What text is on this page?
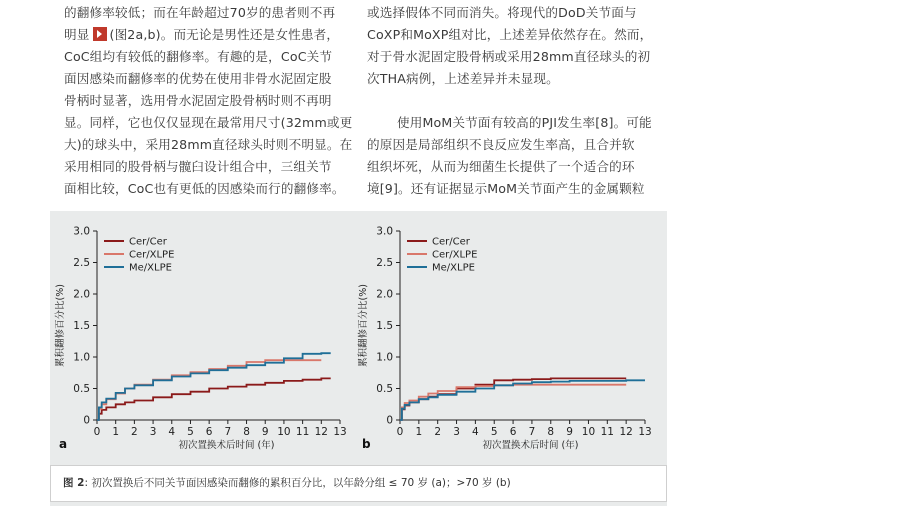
的翻修率较低；而在年龄超过70岁的患者则不再
明显 (图2a,b)。而无论是男性还是女性患者，
CoC组均有较低的翻修率。有趣的是，CoC关节
面因感染而翻修率的优势在使用非骨水泥固定股
骨柄时显著，选用骨水泥固定股骨柄时则不再明
显。同样，它也仅仅显现在最常用尺寸(32mm或更
大)的球头中，采用28mm直径球头时则不明显。在
采用相同的股骨柄与髋臼设计组合中，三组关节
面相比较，CoC也有更低的因感染而行的翻修率。
或选择假体不同而消失。将现代的DoD关节面与
CoXP和MoXP组对比，上述差异依然存在。然而，
对于骨水泥固定股骨柄或采用28mm直径球头的初
次THA病例，上述差异并未显现。
使用MoM关节面有较高的PJI发生率[8]。可能
的原因是局部组织不良反应发生率高，且合并软
组织坏死，从而为细菌生长提供了一个适合的环
境[9]。还有证据显示MoM关节面产生的金属颗粒
0
0.5
1.0
1.5
2.0
2.5
3.0
0 1 2 3 4 5 6 7 8 9 10 11 12 13
初次置换术后时间 (年)
累积翻修百分比(%)
a
Cer/Cer
Cer/XLPE
Me/XLPE
0
0.5
1.0
1.5
2.0
2.5
3.0
0 1 2 3 4 5 6 7 8 9 10 11 12 13
初次置换术后时间 (年)
累积翻修百分比(%)
b
Cer/Cer
Cer/XLPE
Me/XLPE
图 2: 初次置换后不同关节面因感染而翻修的累积百分比，以年龄分组 ≤ 70 岁 (a)；>70 岁 (b)
